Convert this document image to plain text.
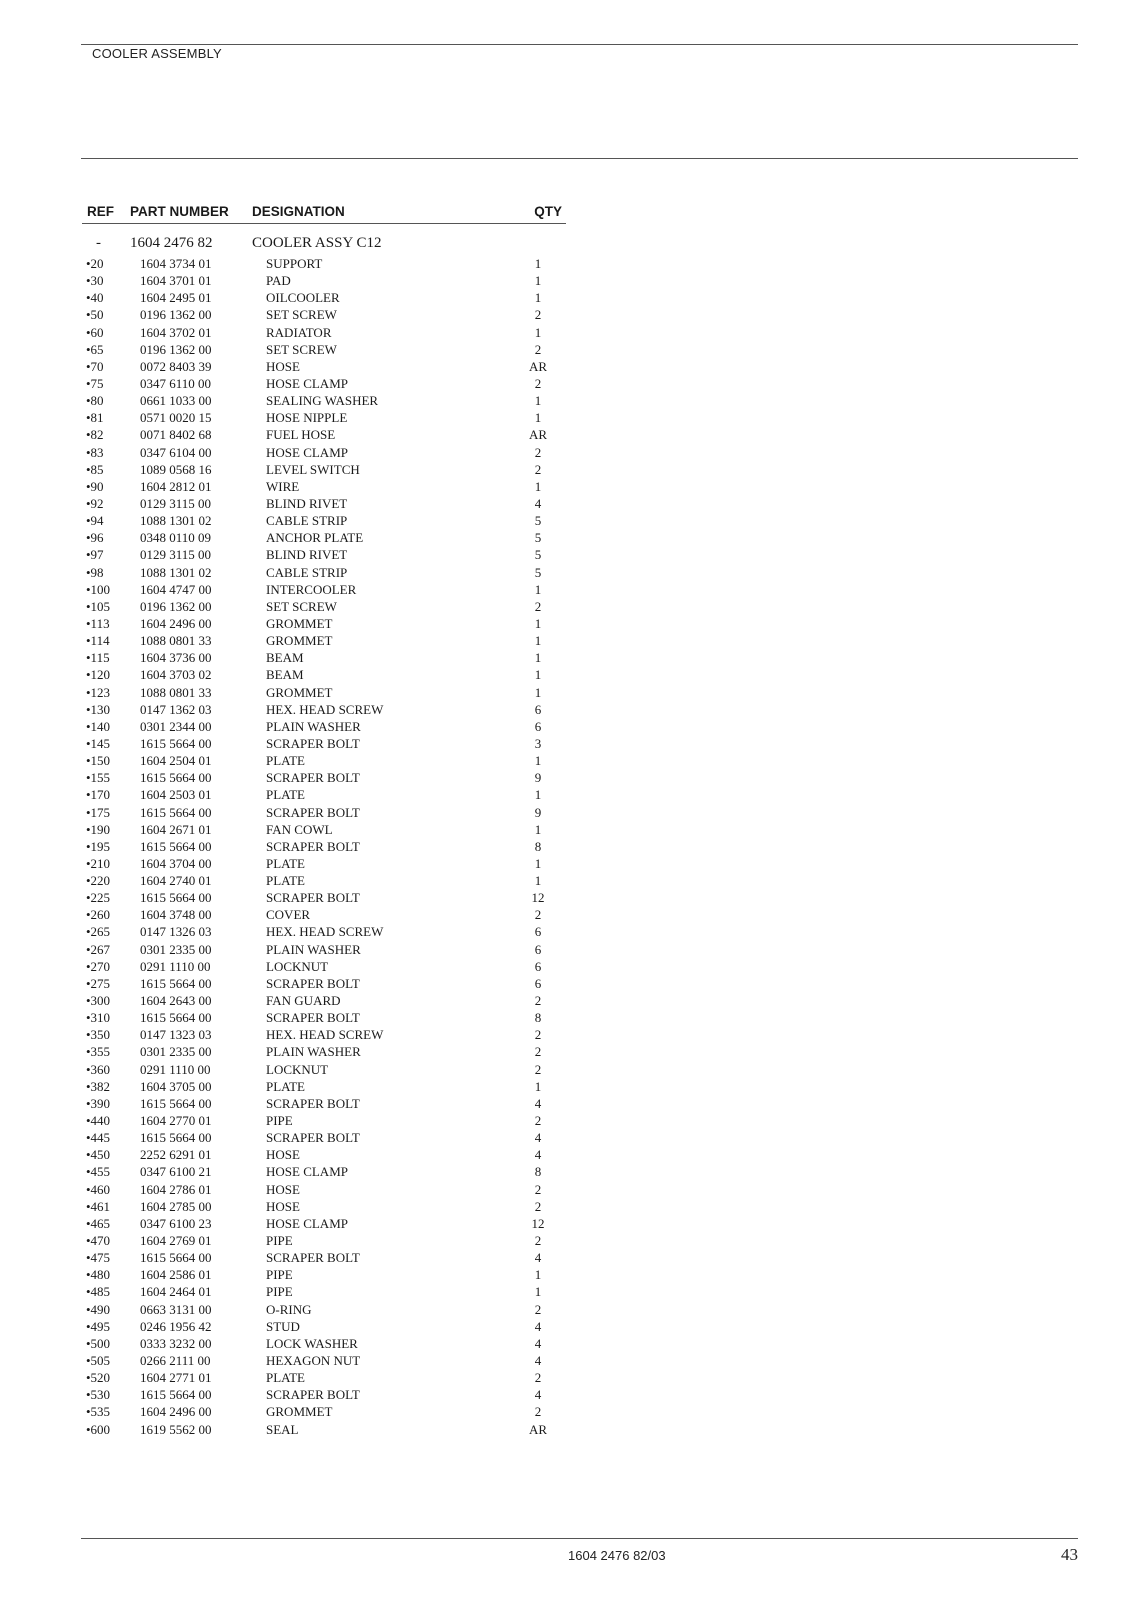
COOLER ASSEMBLY
REF PART NUMBER DESIGNATION	QTY
- 1604 2476 82	COOLER ASSY C12
•20	1604 3734 01	SUPPORT	1
•30	1604 3701 01	PAD	1
•40	1604 2495 01	OILCOOLER	1
•50	0196 1362 00	SET SCREW	2
•60	1604 3702 01	RADIATOR	1
•65	0196 1362 00	SET SCREW	2
•70	0072 8403 39	HOSE	AR
•75	0347 6110 00	HOSE CLAMP	2
•80	0661 1033 00	SEALING WASHER	1
•81	0571 0020 15	HOSE NIPPLE	1
•82	0071 8402 68	FUEL HOSE	AR
•83	0347 6104 00	HOSE CLAMP	2
•85	1089 0568 16	LEVEL SWITCH	2
•90	1604 2812 01	WIRE	1
•92	0129 3115 00	BLIND RIVET	4
•94	1088 1301 02	CABLE STRIP	5
•96	0348 0110 09	ANCHOR PLATE	5
•97	0129 3115 00	BLIND RIVET	5
•98	1088 1301 02	CABLE STRIP	5
•100 1604 4747 00	INTERCOOLER	1
•105 0196 1362 00	SET SCREW	2
•113 1604 2496 00	GROMMET	1
•114 1088 0801 33	GROMMET	1
•115 1604 3736 00	BEAM	1
•120 1604 3703 02	BEAM	1
•123 1088 0801 33	GROMMET	1
•130 0147 1362 03	HEX. HEAD SCREW	6
•140 0301 2344 00	PLAIN WASHER	6
•145 1615 5664 00	SCRAPER BOLT	3
•150 1604 2504 01	PLATE	1
•155 1615 5664 00	SCRAPER BOLT	9
•170 1604 2503 01	PLATE	1
•175 1615 5664 00	SCRAPER BOLT	9
•190 1604 2671 01	FAN COWL	1
•195 1615 5664 00	SCRAPER BOLT	8
•210 1604 3704 00	PLATE	1
•220 1604 2740 01	PLATE	1
•225 1615 5664 00	SCRAPER BOLT	12
•260 1604 3748 00	COVER	2
•265 0147 1326 03	HEX. HEAD SCREW	6
•267 0301 2335 00	PLAIN WASHER	6
•270 0291 1110 00	LOCKNUT	6
•275 1615 5664 00	SCRAPER BOLT	6
•300 1604 2643 00	FAN GUARD	2
•310 1615 5664 00	SCRAPER BOLT	8
•350 0147 1323 03	HEX. HEAD SCREW	2
•355 0301 2335 00	PLAIN WASHER	2
•360 0291 1110 00	LOCKNUT	2
•382 1604 3705 00	PLATE	1
•390 1615 5664 00	SCRAPER BOLT	4
•440 1604 2770 01	PIPE	2
•445 1615 5664 00	SCRAPER BOLT	4
•450 2252 6291 01	HOSE	4
•455 0347 6100 21	HOSE CLAMP	8
•460 1604 2786 01	HOSE	2
•461 1604 2785 00	HOSE	2
•465 0347 6100 23	HOSE CLAMP	12
•470 1604 2769 01	PIPE	2
•475 1615 5664 00	SCRAPER BOLT	4
•480 1604 2586 01	PIPE	1
•485 1604 2464 01	PIPE	1
•490 0663 3131 00	O-RING	2
•495 0246 1956 42	STUD	4
•500 0333 3232 00	LOCK WASHER	4
•505 0266 2111 00	HEXAGON NUT	4
•520 1604 2771 01	PLATE	2
•530 1615 5664 00	SCRAPER BOLT	4
•535 1604 2496 00	GROMMET	2
•600 1619 5562 00	SEAL	AR
1604 2476 82/03	43
